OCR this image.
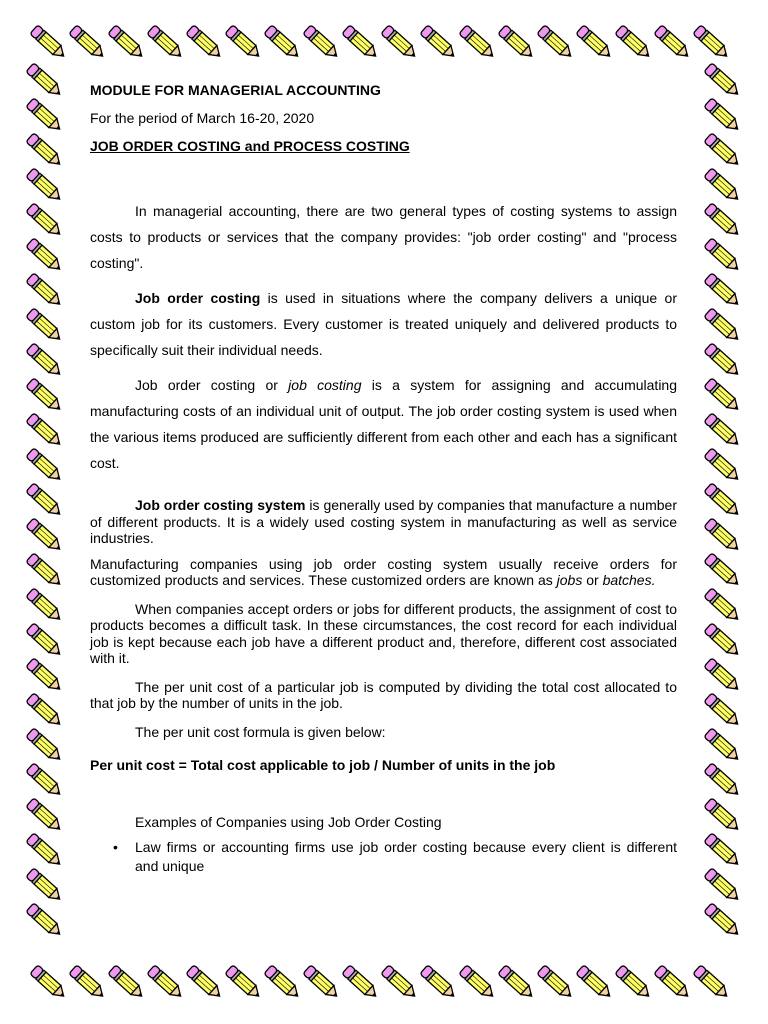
MODULE FOR MANAGERIAL ACCOUNTING

For the period of March 16-20, 2020

JOB ORDER COSTING and PROCESS COSTING

In managerial accounting, there are two general types of costing systems to assign costs to products or services that the company provides: "job order costing" and "process costing".

Job order costing is used in situations where the company delivers a unique or custom job for its customers. Every customer is treated uniquely and delivered products to specifically suit their individual needs.

Job order costing or job costing is a system for assigning and accumulating manufacturing costs of an individual unit of output. The job order costing system is used when the various items produced are sufficiently different from each other and each has a significant cost.

Job order costing system is generally used by companies that manufacture a number of different products. It is a widely used costing system in manufacturing as well as service industries.

Manufacturing companies using job order costing system usually receive orders for customized products and services. These customized orders are known as jobs or batches.

When companies accept orders or jobs for different products, the assignment of cost to products becomes a difficult task. In these circumstances, the cost record for each individual job is kept because each job have a different product and, therefore, different cost associated with it.

The per unit cost of a particular job is computed by dividing the total cost allocated to that job by the number of units in the job.

The per unit cost formula is given below:

Per unit cost = Total cost applicable to job / Number of units in the job

Examples of Companies using Job Order Costing

• Law firms or accounting firms use job order costing because every client is different and unique
